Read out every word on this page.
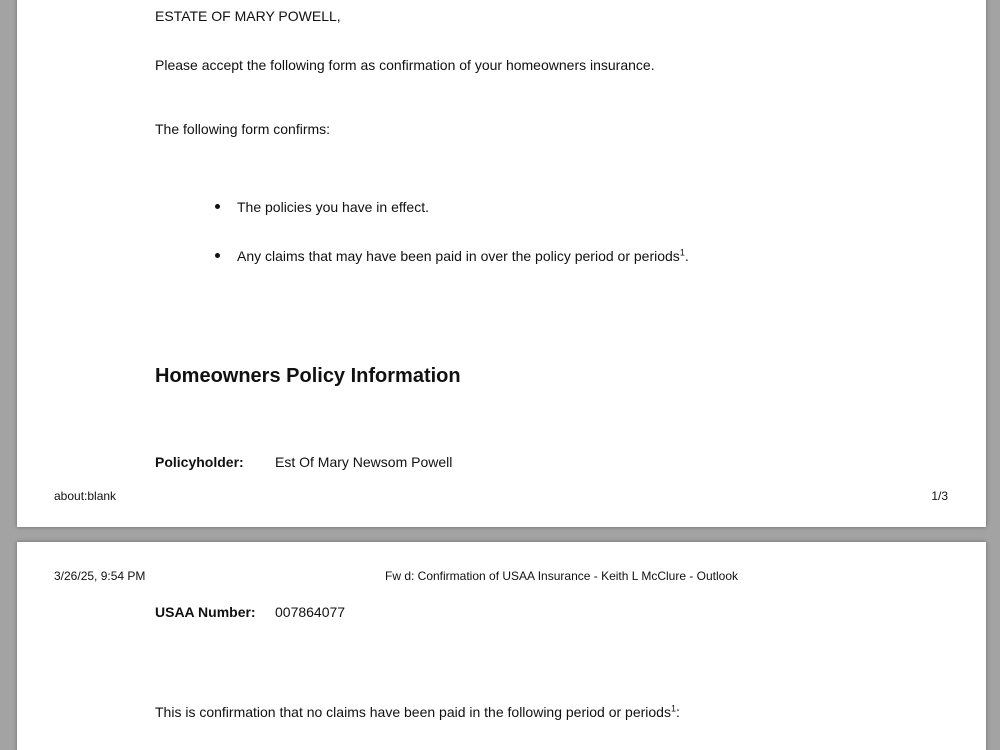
ESTATE OF MARY POWELL,
Please accept the following form as confirmation of your homeowners insurance.
The following form confirms:
The policies you have in effect.
Any claims that may have been paid in over the policy period or periods$^1$.
Homeowners Policy Information
Policyholder: Est Of Mary Newsom Powell
about:blank	1/3
3/26/25, 9:54 PM	Fw d: Confirmation of USAA Insurance - Keith L McClure - Outlook
USAA Number: 007864077
This is confirmation that no claims have been paid in the following period or periods$^1$:
